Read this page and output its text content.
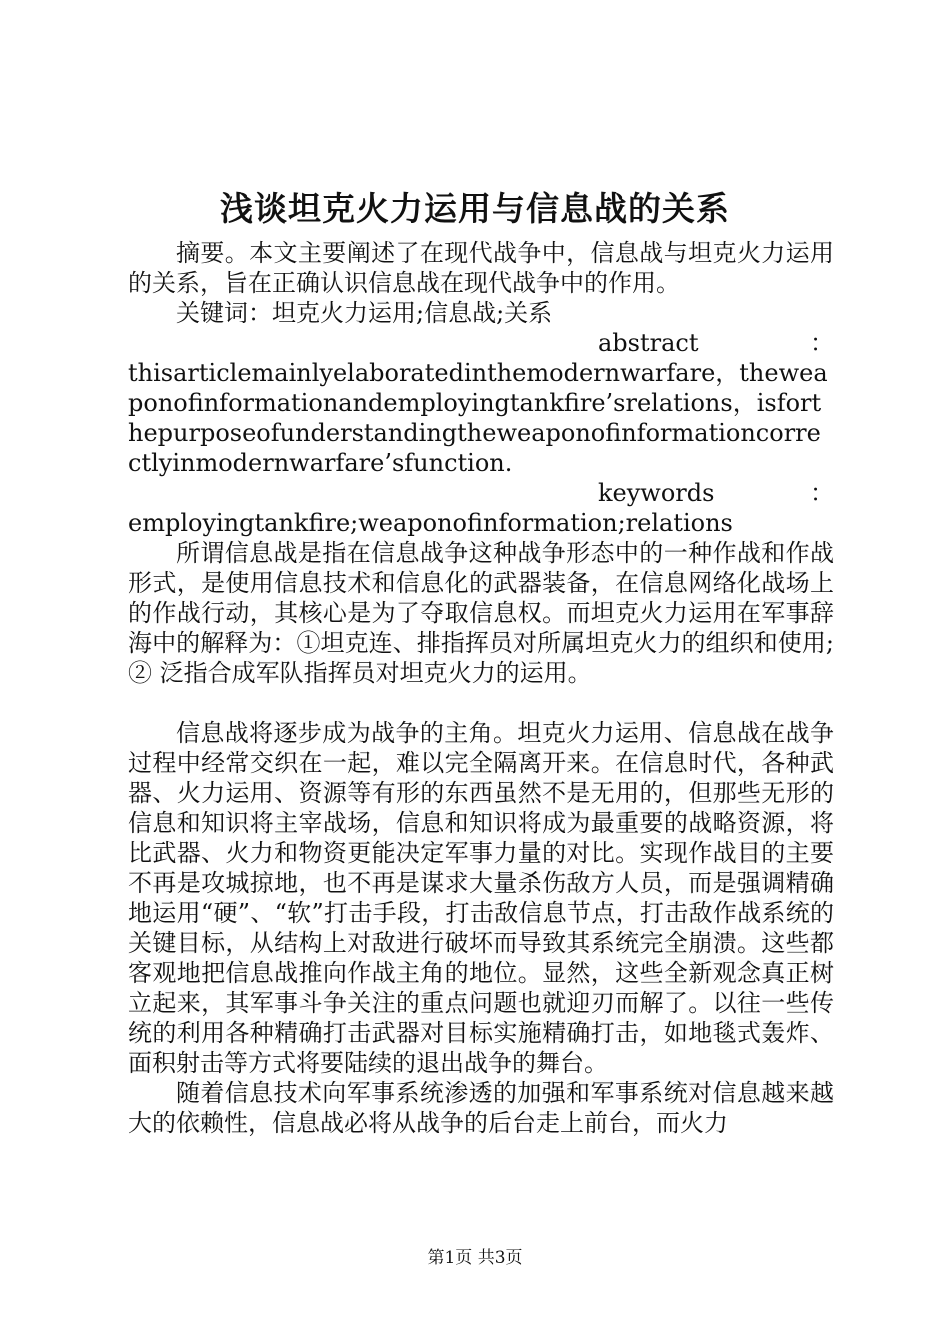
浅谈坦克火力运用与信息战的关系

摘要。本文主要阐述了在现代战争中，信息战与坦克火力运用的关系，旨在正确认识信息战在现代战争中的作用。

关键词：坦克火力运用;信息战;关系

abstract	：

thisarticlemainlyelaboratedinthemodernwarfare，theweaponofinformationandemployingtankfire’srelations，isforthepurposeofunderstandingtheweaponofinformationcorrectlyinmodernwarfare’sfunction.

keywords	：

employingtankfire;weaponofinformation;relations

所谓信息战是指在信息战争这种战争形态中的一种作战和作战形式，是使用信息技术和信息化的武器装备，在信息网络化战场上的作战行动，其核心是为了夺取信息权。而坦克火力运用在军事辞海中的解释为：①坦克连、排指挥员对所属坦克火力的组织和使用;② 泛指合成军队指挥员对坦克火力的运用。

信息战将逐步成为战争的主角。坦克火力运用、信息战在战争过程中经常交织在一起，难以完全隔离开来。在信息时代，各种武器、火力运用、资源等有形的东西虽然不是无用的，但那些无形的信息和知识将主宰战场，信息和知识将成为最重要的战略资源，将比武器、火力和物资更能决定军事力量的对比。实现作战目的主要不再是攻城掠地，也不再是谋求大量杀伤敌方人员，而是强调精确地运用“硬”、“软”打击手段，打击敌信息节点，打击敌作战系统的关键目标，从结构上对敌进行破坏而导致其系统完全崩溃。这些都客观地把信息战推向作战主角的地位。显然，这些全新观念真正树立起来，其军事斗争关注的重点问题也就迎刃而解了。以往一些传统的利用各种精确打击武器对目标实施精确打击，如地毯式轰炸、面积射击等方式将要陆续的退出战争的舞台。

随着信息技术向军事系统渗透的加强和军事系统对信息越来越大的依赖性，信息战必将从战争的后台走上前台，而火力

第1页 共3页
